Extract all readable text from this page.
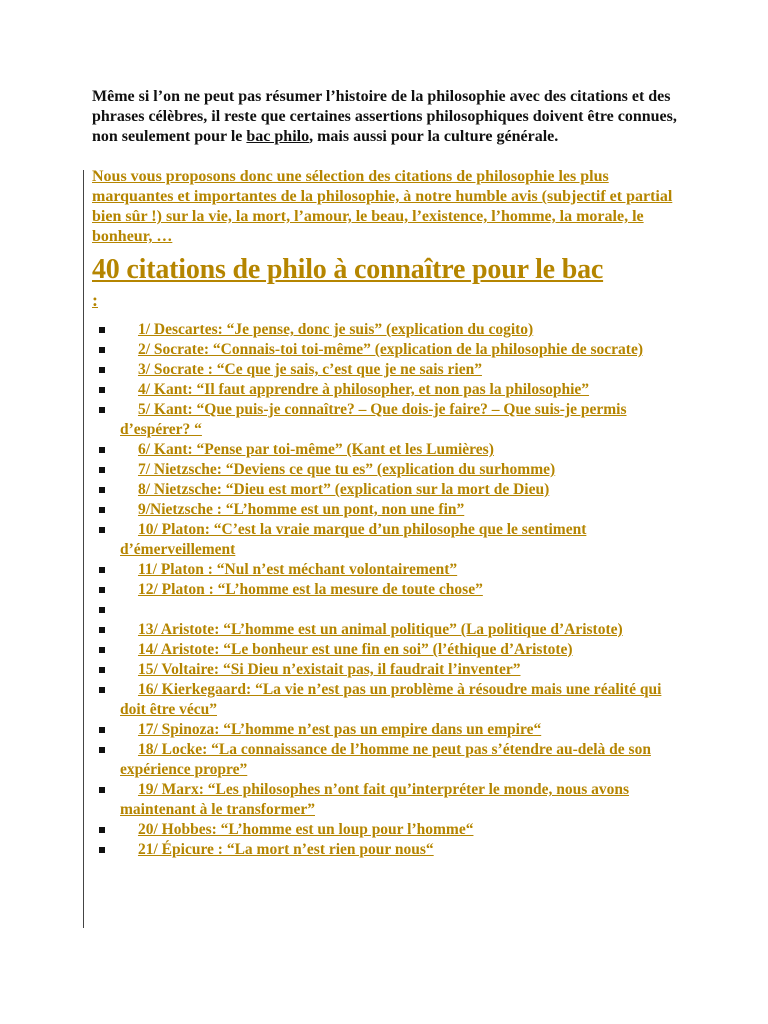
Même si l’on ne peut pas résumer l’histoire de la philosophie avec des citations et des phrases célèbres, il reste que certaines assertions philosophiques doivent être connues, non seulement pour le bac philo, mais aussi pour la culture générale.
Nous vous proposons donc une sélection des citations de philosophie les plus marquantes et importantes de la philosophie, à notre humble avis (subjectif et partial bien sûr !) sur la vie, la mort, l’amour, le beau, l’existence, l’homme, la morale, le bonheur, …
40 citations de philo à connaître pour le bac
:
1/ Descartes: “Je pense, donc je suis” (explication du cogito)
2/ Socrate: “Connais-toi toi-même” (explication de la philosophie de socrate)
3/ Socrate : “Ce que je sais, c’est que je ne sais rien”
4/ Kant: “Il faut apprendre à philosopher, et non pas la philosophie”
5/ Kant: “Que puis-je connaître? – Que dois-je faire? – Que suis-je permis d’espérer? “
6/ Kant: “Pense par toi-même” (Kant et les Lumières)
7/ Nietzsche: “Deviens ce que tu es” (explication du surhomme)
8/ Nietzsche: “Dieu est mort” (explication sur la mort de Dieu)
9/Nietzsche : “L’homme est un pont, non une fin”
10/ Platon: “C’est la vraie marque d’un philosophe que le sentiment d’émerveillement
11/ Platon : “Nul n’est méchant volontairement”
12/ Platon : “L’homme est la mesure de toute chose”
13/ Aristote: “L’homme est un animal politique” (La politique d’Aristote)
14/ Aristote: “Le bonheur est une fin en soi” (l’éthique d’Aristote)
15/ Voltaire: “Si Dieu n’existait pas, il faudrait l’inventer”
16/ Kierkegaard: “La vie n’est pas un problème à résoudre mais une réalité qui doit être vécu”
17/ Spinoza: “L’homme n’est pas un empire dans un empire“
18/ Locke: “La connaissance de l’homme ne peut pas s’étendre au-delà de son expérience propre”
19/ Marx: “Les philosophes n’ont fait qu’interpréter le monde, nous avons maintenant à le transformer”
20/ Hobbes: “L’homme est un loup pour l’homme“
21/ Épicure : “La mort n’est rien pour nous“
